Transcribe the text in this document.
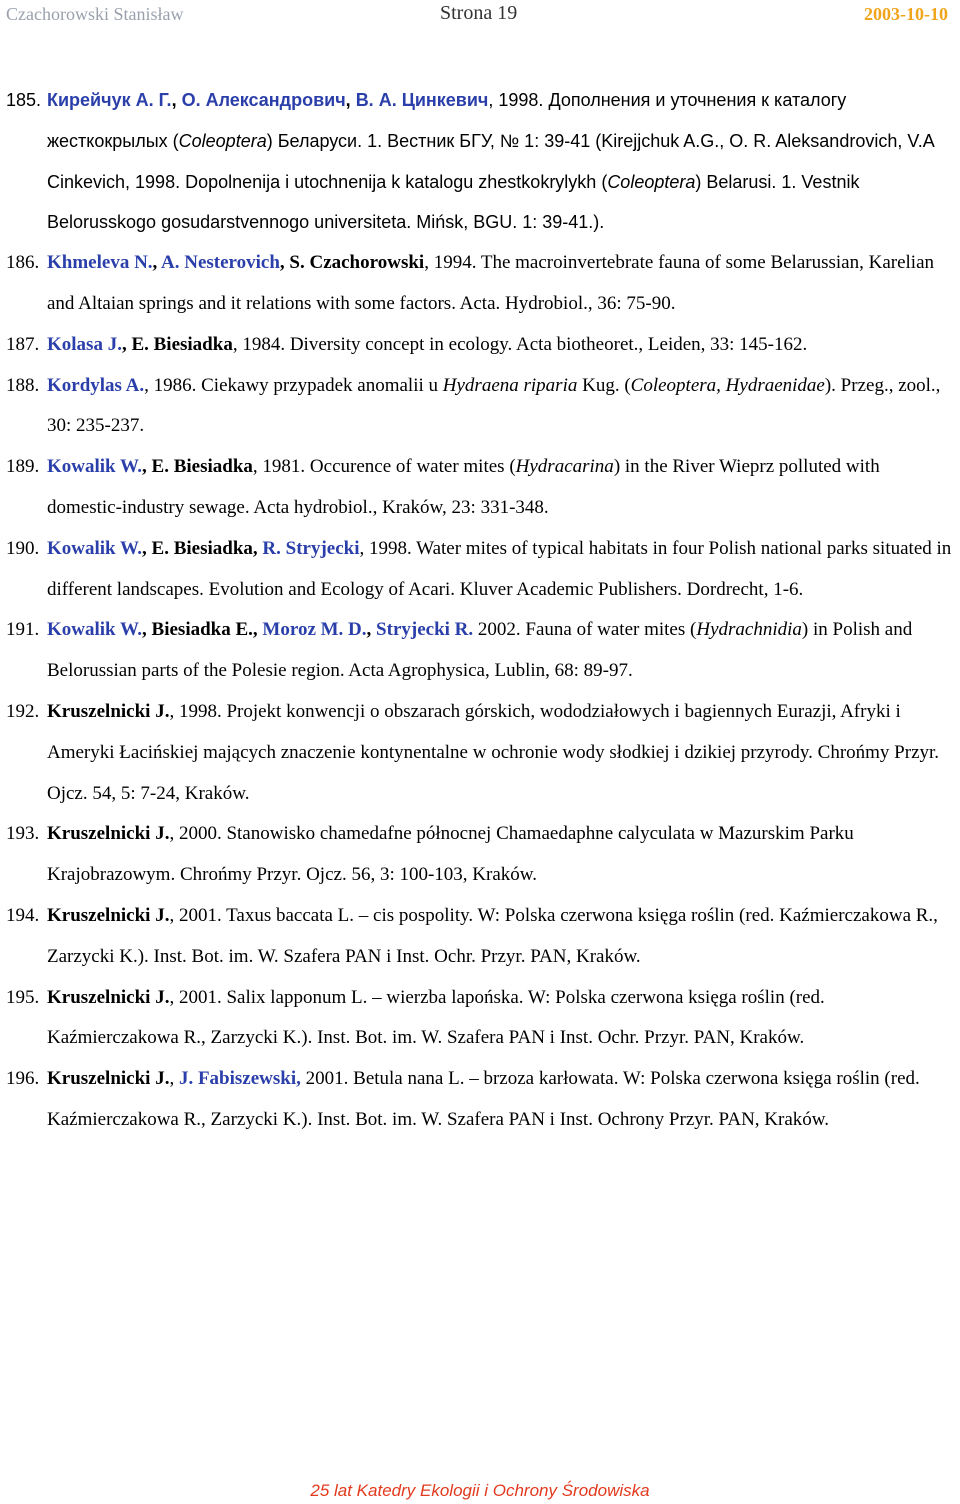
Czachorowski Stanisław	Strona 19	2003-10-10

185. Кирейчук А. Г., О. Александрович, В. А. Цинкевич, 1998. Дополнения и уточнения к каталогу жесткокрылых (Coleoptera) Беларуси. 1. Вестник БГУ, № 1: 39-41 (Kirejjchuk A.G., O. R. Aleksandrovich, V.A Cinkevich, 1998. Dopolnenija i utochnenija k katalogu zhestkokrylykh (Coleoptera) Belarusi. 1. Vestnik Belorusskogo gosudarstvennogo universiteta. Mińsk, BGU. 1: 39-41.).

186. Khmeleva N., A. Nesterovich, S. Czachorowski, 1994. The macroinvertebrate fauna of some Belarussian, Karelian and Altaian springs and it relations with some factors. Acta. Hydrobiol., 36: 75-90.

187. Kolasa J., E. Biesiadka, 1984. Diversity concept in ecology. Acta biotheoret., Leiden, 33: 145-162.

188. Kordylas A., 1986. Ciekawy przypadek anomalii u Hydraena riparia Kug. (Coleoptera, Hydraenidae). Przeg., zool., 30: 235-237.

189. Kowalik W., E. Biesiadka, 1981. Occurence of water mites (Hydracarina) in the River Wieprz polluted with domestic-industry sewage. Acta hydrobiol., Kraków, 23: 331-348.

190. Kowalik W., E. Biesiadka, R. Stryjecki, 1998. Water mites of typical habitats in four Polish national parks situated in different landscapes. Evolution and Ecology of Acari. Kluver Academic Publishers. Dordrecht, 1-6.

191. Kowalik W., Biesiadka E., Moroz M. D., Stryjecki R. 2002. Fauna of water mites (Hydrachnidia) in Polish and Belorussian parts of the Polesie region. Acta Agrophysica, Lublin, 68: 89-97.

192. Kruszelnicki J., 1998. Projekt konwencji o obszarach górskich, wododziałowych i bagiennych Eurazji, Afryki i Ameryki Łacińskiej mających znaczenie kontynentalne w ochronie wody słodkiej i dzikiej przyrody. Chrońmy Przyr. Ojcz. 54, 5: 7-24, Kraków.

193. Kruszelnicki J., 2000. Stanowisko chamedafne północnej Chamaedaphne calyculata w Mazurskim Parku Krajobrazowym. Chrońmy Przyr. Ojcz. 56, 3: 100-103, Kraków.

194. Kruszelnicki J., 2001. Taxus baccata L. – cis pospolity. W: Polska czerwona księga roślin (red. Kaźmierczakowa R., Zarzycki K.). Inst. Bot. im. W. Szafera PAN i Inst. Ochr. Przyr. PAN, Kraków.

195. Kruszelnicki J., 2001. Salix lapponum L. – wierzba lapońska. W: Polska czerwona księga roślin (red. Kaźmierczakowa R., Zarzycki K.). Inst. Bot. im. W. Szafera PAN i Inst. Ochr. Przyr. PAN, Kraków.

196. Kruszelnicki J., J. Fabiszewski, 2001. Betula nana L. – brzoza karłowata. W: Polska czerwona księga roślin (red. Kaźmierczakowa R., Zarzycki K.). Inst. Bot. im. W. Szafera PAN i Inst. Ochrony Przyr. PAN, Kraków.

25 lat Katedry Ekologii i Ochrony Środowiska
